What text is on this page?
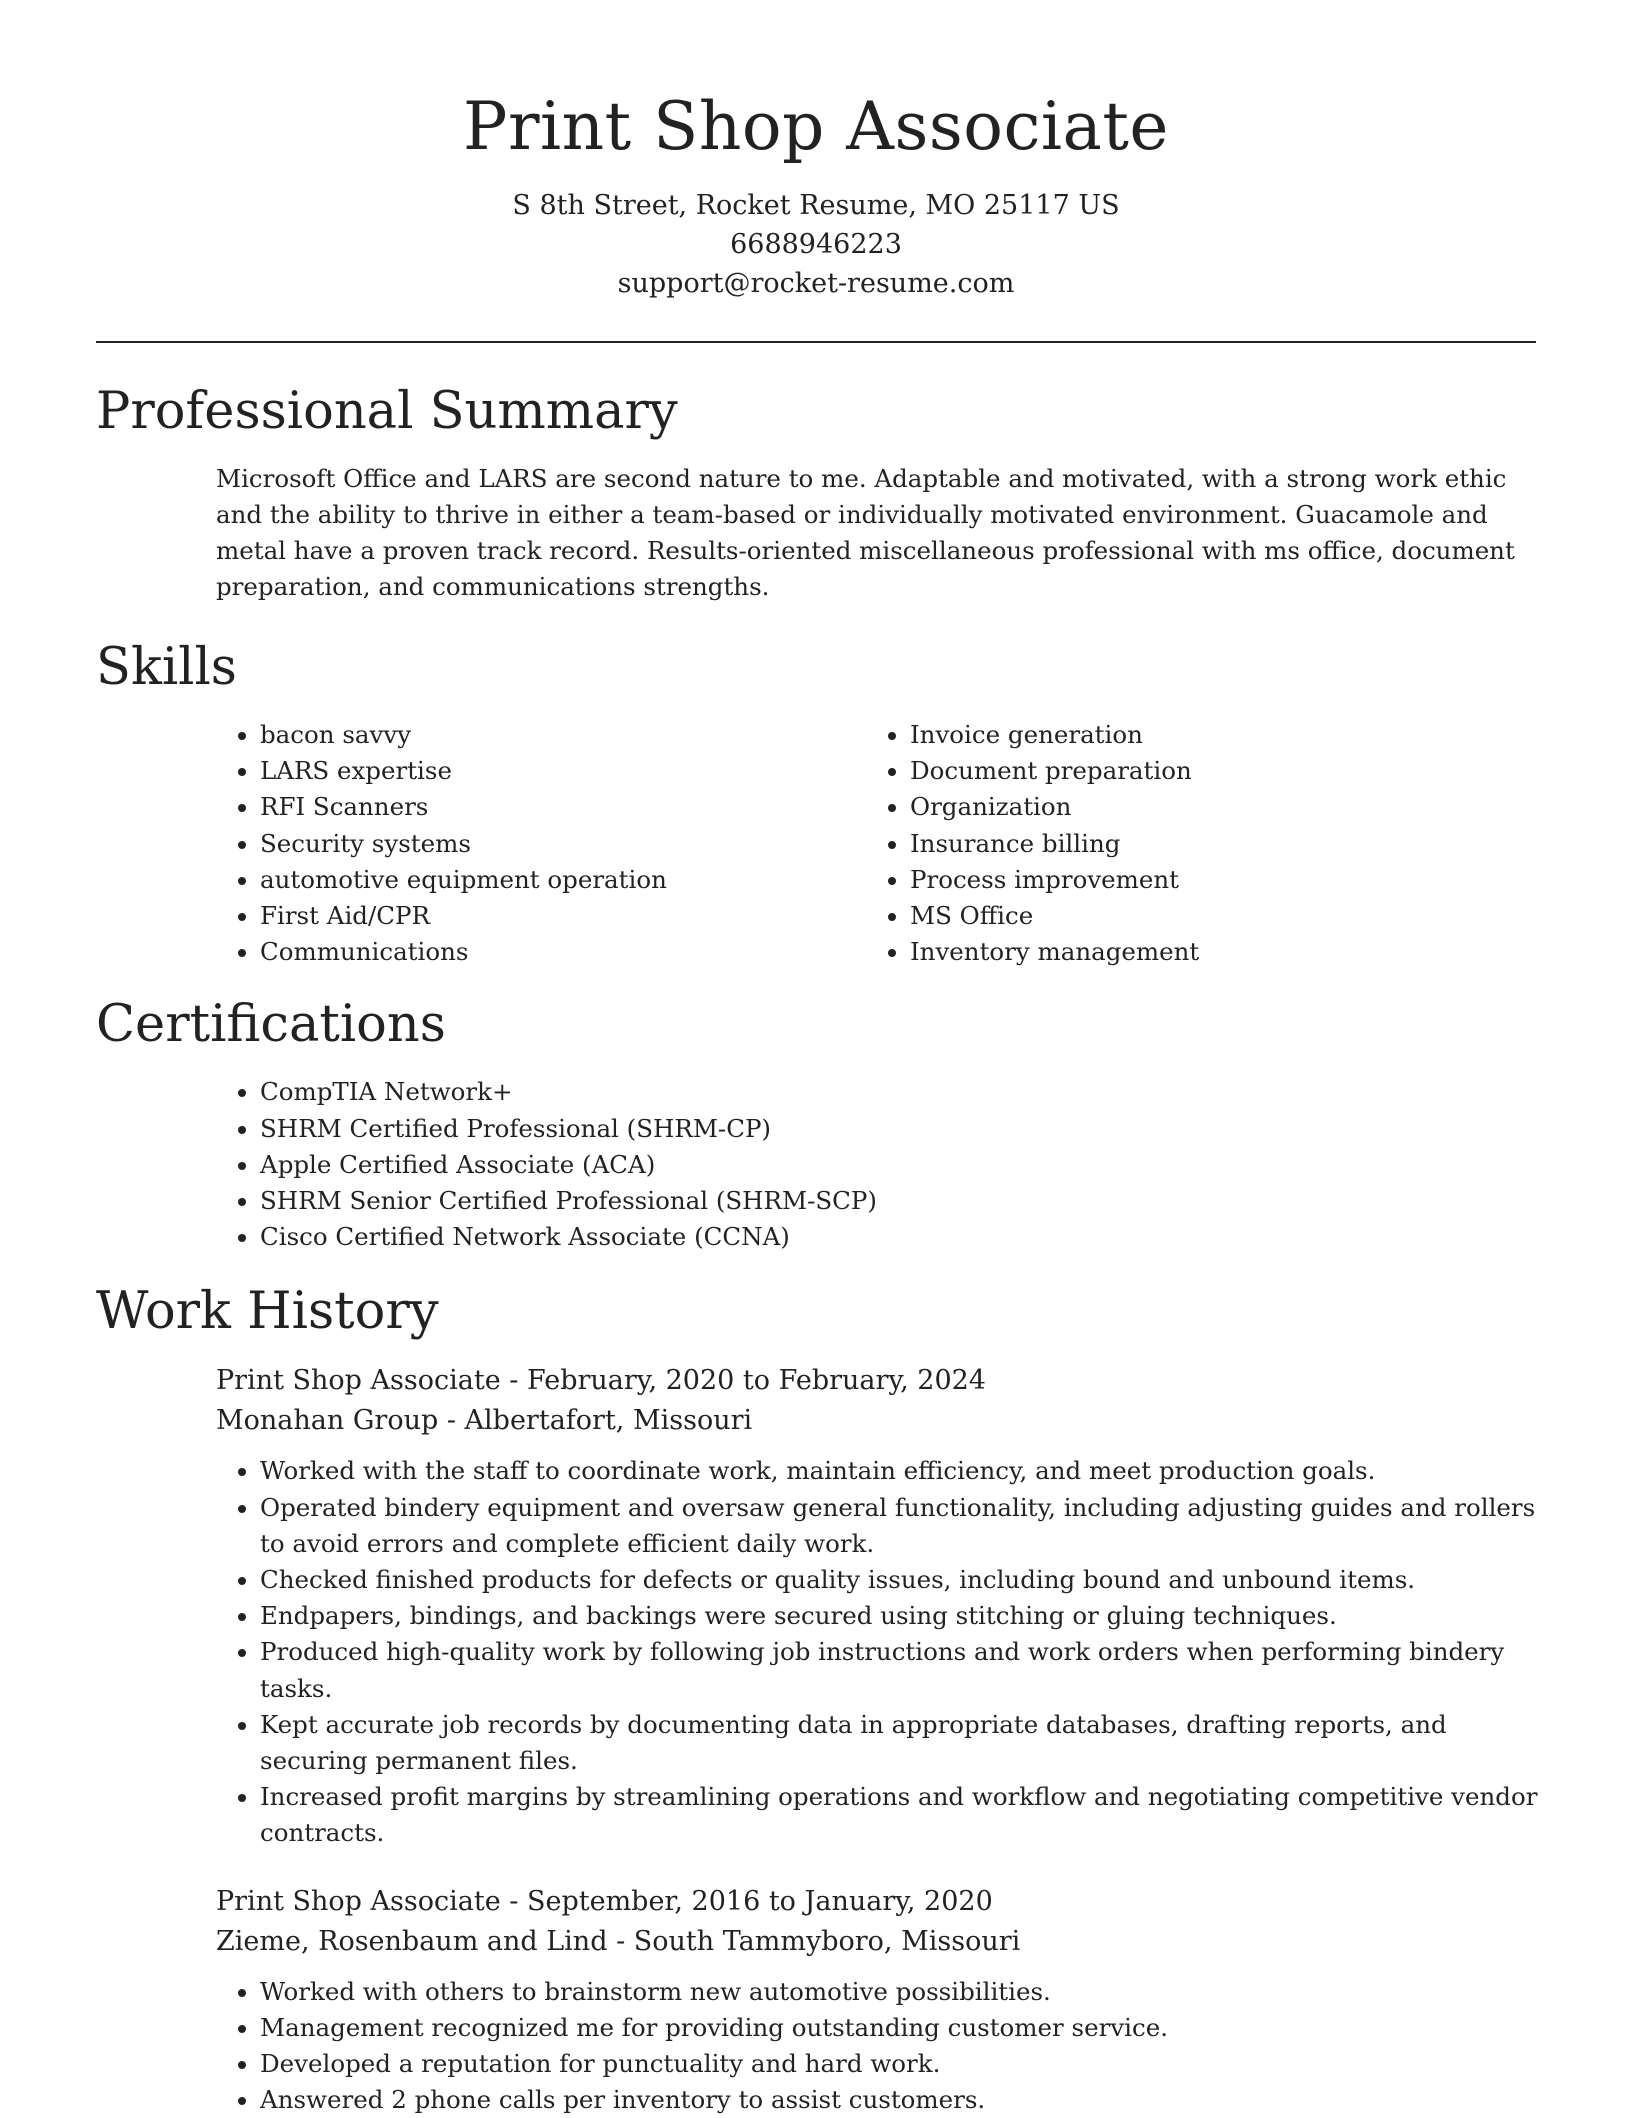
Print Shop Associate
S 8th Street, Rocket Resume, MO 25117 US
6688946223
support@rocket-resume.com
Professional Summary

Microsoft Office and LARS are second nature to me. Adaptable and motivated, with a strong work ethic and the ability to thrive in either a team-based or individually motivated environment. Guacamole and metal have a proven track record. Results-oriented miscellaneous professional with ms office, document preparation, and communications strengths.

Skills
• bacon savvy
• LARS expertise
• RFI Scanners
• Security systems
• automotive equipment operation
• First Aid/CPR
• Communications
• Invoice generation
• Document preparation
• Organization
• Insurance billing
• Process improvement
• MS Office
• Inventory management
Certifications
• CompTIA Network+
• SHRM Certified Professional (SHRM-CP)
• Apple Certified Associate (ACA)
• SHRM Senior Certified Professional (SHRM-SCP)
• Cisco Certified Network Associate (CCNA)
Work History
Print Shop Associate - February, 2020 to February, 2024
Monahan Group - Albertafort, Missouri
• Worked with the staff to coordinate work, maintain efficiency, and meet production goals.
• Operated bindery equipment and oversaw general functionality, including adjusting guides and rollers to avoid errors and complete efficient daily work.
• Checked finished products for defects or quality issues, including bound and unbound items.
• Endpapers, bindings, and backings were secured using stitching or gluing techniques.
• Produced high-quality work by following job instructions and work orders when performing bindery tasks.
• Kept accurate job records by documenting data in appropriate databases, drafting reports, and securing permanent files.
• Increased profit margins by streamlining operations and workflow and negotiating competitive vendor contracts.
Print Shop Associate - September, 2016 to January, 2020
Zieme, Rosenbaum and Lind - South Tammyboro, Missouri
• Worked with others to brainstorm new automotive possibilities.
• Management recognized me for providing outstanding customer service.
• Developed a reputation for punctuality and hard work.
• Answered 2 phone calls per inventory to assist customers.
